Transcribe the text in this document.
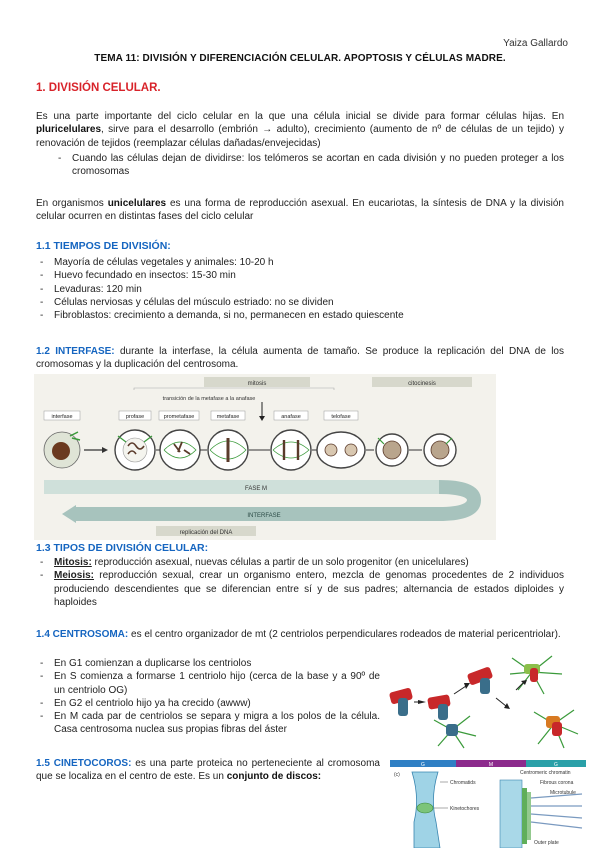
Yaiza Gallardo
TEMA 11: DIVISIÓN Y DIFERENCIACIÓN CELULAR. APOPTOSIS Y CÉLULAS MADRE.
1. DIVISIÓN CELULAR.
Es una parte importante del ciclo celular en la que una célula inicial se divide para formar células hijas. En pluricelulares, sirve para el desarrollo (embrión → adulto), crecimiento (aumento de nº de células de un tejido) y renovación de tejidos (reemplazar células dañadas/envejecidas)
- Cuando las células dejan de dividirse: los telómeros se acortan en cada división y no pueden proteger a los cromosomas
En organismos unicelulares es una forma de reproducción asexual. En eucariotas, la síntesis de DNA y la división celular ocurren en distintas fases del ciclo celular
1.1 TIEMPOS DE DIVISIÓN:
- Mayoría de células vegetales y animales: 10-20 h
- Huevo fecundado en insectos: 15-30 min
- Levaduras: 120 min
- Células nerviosas y células del músculo estriado: no se dividen
- Fibroblastos: crecimiento a demanda, si no, permanecen en estado quiescente
1.2 INTERFASE: durante la interfase, la célula aumenta de tamaño. Se produce la replicación del DNA de los cromosomas y la duplicación del centrosoma.
mitosis	citocinesis
transición de la metafase a la anafase
interfase	profase	prometafase	metafase	anafase	telofase
FASE M
INTERFASE
replicación del DNA
1.3 TIPOS DE DIVISIÓN CELULAR:
- Mitosis: reproducción asexual, nuevas células a partir de un solo progenitor (en unicelulares)
- Meiosis: reproducción sexual, crear un organismo entero, mezcla de genomas procedentes de 2 individuos produciendo descendientes que se diferencian entre sí y de sus padres; alternancia de estados diploides y haploides
1.4 CENTROSOMA: es el centro organizador de mt (2 centriolos perpendiculares rodeados de material pericentriolar).
- En G1 comienzan a duplicarse los centriolos
- En S comienza a formarse 1 centriolo hijo (cerca de la base y a 90º de un centriolo OG)
- En G2 el centriolo hijo ya ha crecido (awww)
- En M cada par de centriolos se separa y migra a los polos de la célula. Casa centrosoma nuclea sus propias fibras del áster
1.5 CINETOCOROS: es una parte proteica no perteneciente al cromosoma que se localiza en el centro de este. Es un conjunto de discos:
G	M	G
(c)
Chromatids
Kinetochores
Centromeric chromatin
Fibrous corona
Microtubule
Outer plate
